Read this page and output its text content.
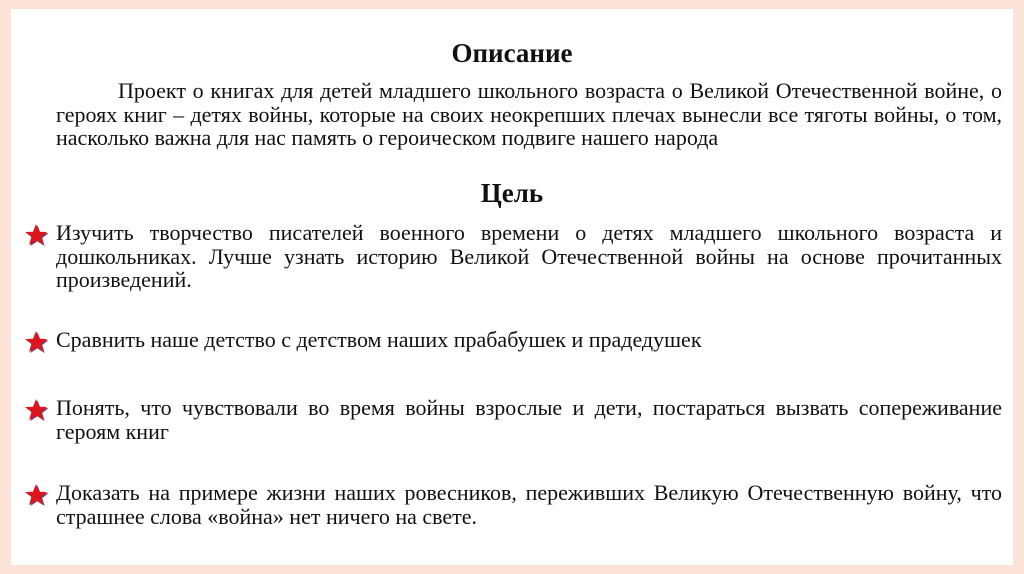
Описание

Проект о книгах для детей младшего школьного возраста о Великой Отечественной войне, о героях книг – детях войны, которые на своих неокрепших плечах вынесли все тяготы войны, о том, насколько важна для нас память о героическом подвиге нашего народа

Цель
Изучить творчество писателей военного времени о детях младшего школьного возраста и дошкольниках. Лучше узнать историю Великой Отечественной войны на основе прочитанных произведений.
Сравнить наше детство с детством наших прабабушек и прадедушек
Понять, что чувствовали во время войны взрослые и дети, постараться вызвать сопереживание героям книг
Доказать на примере жизни наших ровесников, переживших Великую Отечественную войну, что страшнее слова «война» нет ничего на свете.
